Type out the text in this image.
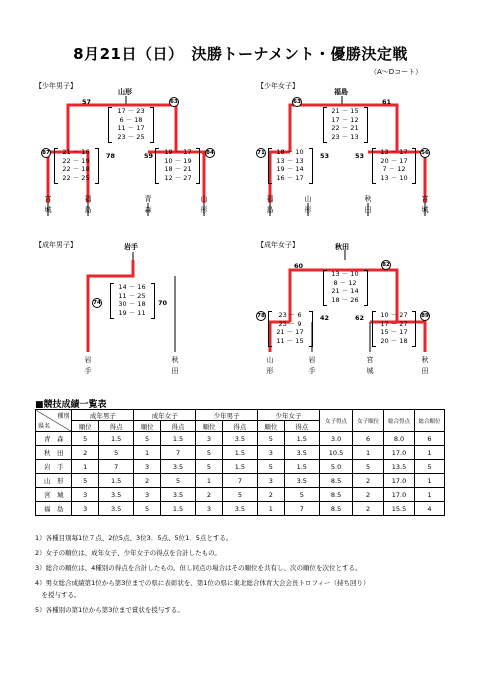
8月21日（日）　決勝トーナメント・優勝決定戦
（A～Dコート）
【少年男子】
山形
57	63
17 － 23
6 － 18
11 － 17
23 － 25
87	21 － 16
22 － 19
22 － 18
22 － 25
78	59	19 － 17
10 － 19
18 － 21
12 － 27
84
宮城
福島
青森
山形
【少年女子】
福島
63	61
21 － 15
17 － 12
22 － 21
23 － 13
71	18 － 10
13 － 13
19 － 14
16 － 17
53	53	13 － 17
20 － 17
7 － 12
13 － 10
56
福島
山形
秋田
宮城
【成年男子】	岩手
74
14 － 16
11 － 25
30 － 18
19 － 11
70
岩手
秋田
【成年女子】	秋田
60	82
13 － 10
8 － 12
21 － 14
18 － 26
78	23 － 6
23 － 9
21 － 17
11 － 15
42	62	10 － 27
17 － 27
15 － 17
20 － 18
89
山形
岩手
宮城
秋田
■競技成績一覧表
種別
県名	成年男子		成年女子		少年男子		少年女子		女子得点	女子順位	総合得点	総合順位
	順位	得点	順位	得点	順位	得点	順位	得点				
青　森	5	1.5	5	1.5	3	3.5	5	1.5	3.0	6	8.0	6
秋　田	2	5	1	7	5	1.5	3	3.5	10.5	1	17.0	1
岩　手	1	7	3	3.5	5	1.5	5	1.5	5.0	5	13.5	5
山　形	5	1.5	2	5	1	7	3	3.5	8.5	2	17.0	1
宮　城	3	3.5	3	3.5	2	5	2	5	8.5	2	17.0	1
福　島	3	3.5	5	1.5	3	3.5	1	7	8.5	2	15.5	4
1）各種目別毎1位７点、2位5点、3位3．5点、5位1．5点とする。
2）女子の順位は、成年女子、少年女子の得点を合計したもの。
3）総合の順位は、4種別の得点を合計したもの。但し同点の場合はその順位を共有し、次の順位を次位とする。
4）男女総合成績第1位から第3位までの県に表彰状を、第1位の県に東北総合体育大会会長トロフィー（持ち回り）
　を授与する。
5）各種別の第1位から第3位まで賞状を授与する。
